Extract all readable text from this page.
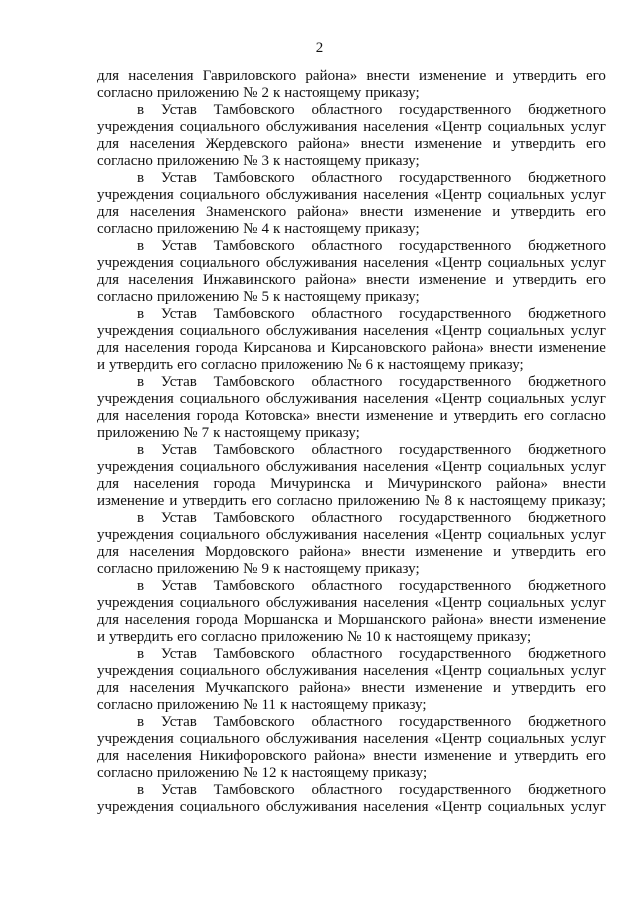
2
для населения Гавриловского района» внести изменение и утвердить его
согласно приложению № 2 к настоящему приказу;
в Устав Тамбовского областного государственного бюджетного
учреждения социального обслуживания населения «Центр социальных услуг
для населения Жердевского района» внести изменение и утвердить его
согласно приложению № 3 к настоящему приказу;
в Устав Тамбовского областного государственного бюджетного
учреждения социального обслуживания населения «Центр социальных услуг
для населения Знаменского района» внести изменение и утвердить его
согласно приложению № 4 к настоящему приказу;
в Устав Тамбовского областного государственного бюджетного
учреждения социального обслуживания населения «Центр социальных услуг
для населения Инжавинского района» внести изменение и утвердить его
согласно приложению № 5 к настоящему приказу;
в Устав Тамбовского областного государственного бюджетного
учреждения социального обслуживания населения «Центр социальных услуг
для населения города Кирсанова и Кирсановского района» внести изменение
и утвердить его согласно приложению № 6 к настоящему приказу;
в Устав Тамбовского областного государственного бюджетного
учреждения социального обслуживания населения «Центр социальных услуг
для населения города Котовска» внести изменение и утвердить его согласно
приложению № 7 к настоящему приказу;
в Устав Тамбовского областного государственного бюджетного
учреждения социального обслуживания населения «Центр социальных услуг
для населения города Мичуринска и Мичуринского района» внести
изменение и утвердить его согласно приложению № 8 к настоящему приказу;
в Устав Тамбовского областного государственного бюджетного
учреждения социального обслуживания населения «Центр социальных услуг
для населения Мордовского района» внести изменение и утвердить его
согласно приложению № 9 к настоящему приказу;
в Устав Тамбовского областного государственного бюджетного
учреждения социального обслуживания населения «Центр социальных услуг
для населения города Моршанска и Моршанского района» внести изменение
и утвердить его согласно приложению № 10 к настоящему приказу;
в Устав Тамбовского областного государственного бюджетного
учреждения социального обслуживания населения «Центр социальных услуг
для населения Мучкапского района» внести изменение и утвердить его
согласно приложению № 11 к настоящему приказу;
в Устав Тамбовского областного государственного бюджетного
учреждения социального обслуживания населения «Центр социальных услуг
для населения Никифоровского района» внести изменение и утвердить его
согласно приложению № 12 к настоящему приказу;
в Устав Тамбовского областного государственного бюджетного
учреждения социального обслуживания населения «Центр социальных услуг
